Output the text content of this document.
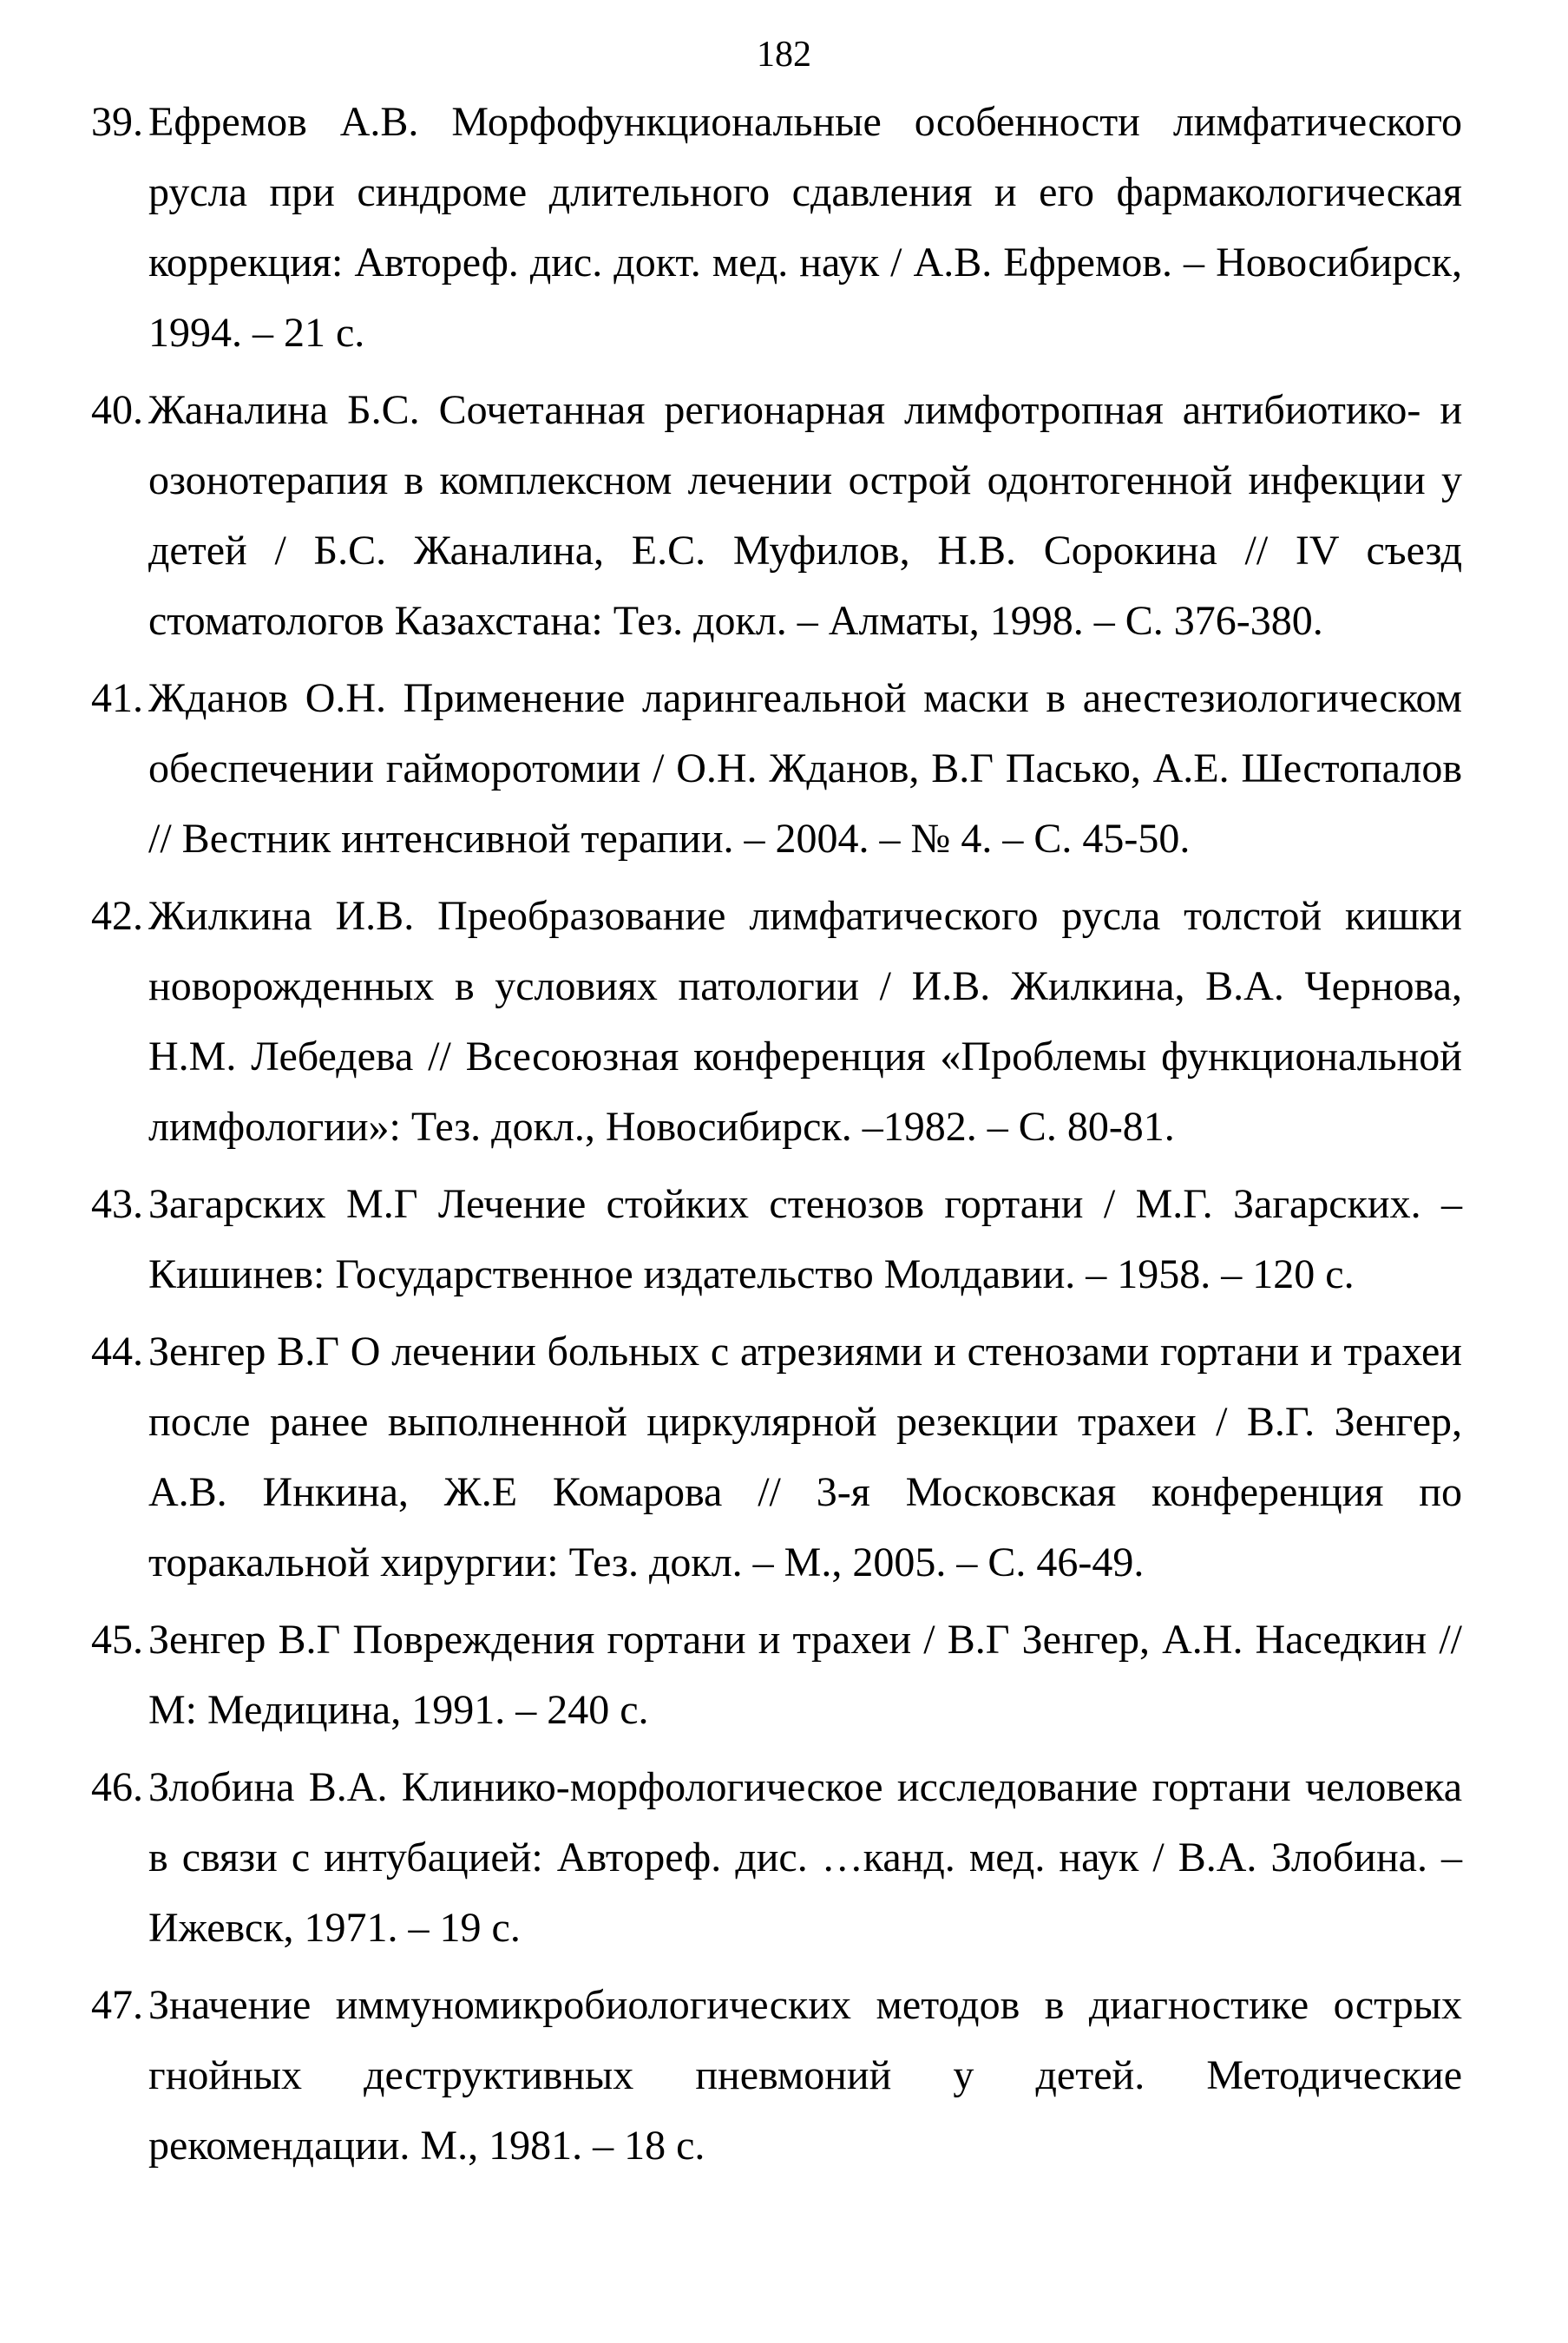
182
39. Ефремов А.В. Морфофункциональные особенности лимфатического русла при синдроме длительного сдавления и его фармакологическая коррекция: Автореф. дис. докт. мед. наук / А.В. Ефремов. – Новосибирск, 1994. – 21 с.
40. Жаналина Б.С. Сочетанная регионарная лимфотропная антибиотико- и озонотерапия в комплексном лечении острой одонтогенной инфекции у детей / Б.С. Жаналина, Е.С. Муфилов, Н.В. Сорокина // IV съезд стоматологов Казахстана: Тез. докл. – Алматы, 1998. – С. 376-380.
41. Жданов О.Н. Применение ларингеальной маски в анестезиологическом обеспечении гайморотомии / О.Н. Жданов, В.Г Пасько, А.Е. Шестопалов // Вестник интенсивной терапии. – 2004. – № 4. – С. 45-50.
42. Жилкина И.В. Преобразование лимфатического русла толстой кишки новорожденных в условиях патологии / И.В. Жилкина, В.А. Чернова, Н.М. Лебедева // Всесоюзная конференция «Проблемы функциональной лимфологии»: Тез. докл., Новосибирск. –1982. – С. 80-81.
43. Загарских М.Г Лечение стойких стенозов гортани / М.Г. Загарских. – Кишинев: Государственное издательство Молдавии. – 1958. – 120 с.
44. Зенгер В.Г О лечении больных с атрезиями и стенозами гортани и трахеи после ранее выполненной циркулярной резекции трахеи / В.Г. Зенгер, А.В. Инкина, Ж.Е Комарова // 3-я Московская конференция по торакальной хирургии: Тез. докл. – М., 2005. – С. 46-49.
45. Зенгер В.Г Повреждения гортани и трахеи / В.Г Зенгер, А.Н. Наседкин // М: Медицина, 1991. – 240 с.
46. Злобина В.А. Клинико-морфологическое исследование гортани человека в связи с интубацией: Автореф. дис. …канд. мед. наук / В.А. Злобина. – Ижевск, 1971. – 19 с.
47. Значение иммуномикробиологических методов в диагностике острых гнойных деструктивных пневмоний у детей. Методические рекомендации. М., 1981. – 18 с.
